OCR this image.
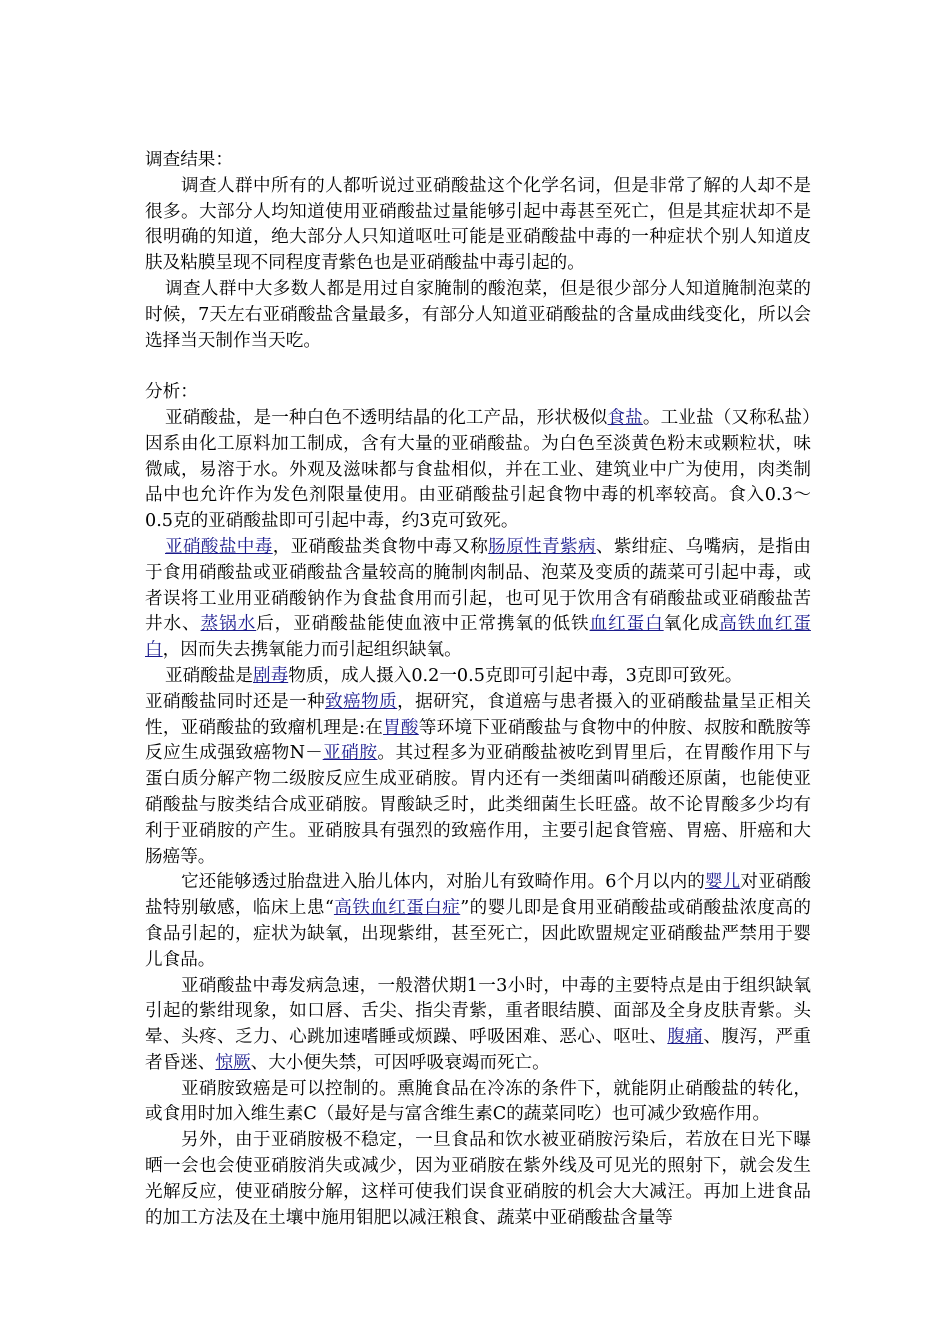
调查结果：

调查人群中所有的人都听说过亚硝酸盐这个化学名词，但是非常了解的人却不是很多。大部分人均知道使用亚硝酸盐过量能够引起中毒甚至死亡，但是其症状却不是很明确的知道，绝大部分人只知道呕吐可能是亚硝酸盐中毒的一种症状个别人知道皮肤及粘膜呈现不同程度青紫色也是亚硝酸盐中毒引起的。

调查人群中大多数人都是用过自家腌制的酸泡菜，但是很少部分人知道腌制泡菜的时候，7天左右亚硝酸盐含量最多，有部分人知道亚硝酸盐的含量成曲线变化，所以会选择当天制作当天吃。

分析：

亚硝酸盐，是一种白色不透明结晶的化工产品，形状极似食盐。工业盐（又称私盐）因系由化工原料加工制成，含有大量的亚硝酸盐。为白色至淡黄色粉末或颗粒状，味微咸，易溶于水。外观及滋味都与食盐相似，并在工业、建筑业中广为使用，肉类制品中也允许作为发色剂限量使用。由亚硝酸盐引起食物中毒的机率较高。食入0.3～0.5克的亚硝酸盐即可引起中毒，约3克可致死。

亚硝酸盐中毒，亚硝酸盐类食物中毒又称肠原性青紫病、紫绀症、乌嘴病，是指由于食用硝酸盐或亚硝酸盐含量较高的腌制肉制品、泡菜及变质的蔬菜可引起中毒，或者误将工业用亚硝酸钠作为食盐食用而引起，也可见于饮用含有硝酸盐或亚硝酸盐苦井水、蒸锅水后，亚硝酸盐能使血液中正常携氧的低铁血红蛋白氧化成高铁血红蛋白，因而失去携氧能力而引起组织缺氧。

亚硝酸盐是剧毒物质，成人摄入0.2一0.5克即可引起中毒，3克即可致死。

亚硝酸盐同时还是一种致癌物质，据研究，食道癌与患者摄入的亚硝酸盐量呈正相关性，亚硝酸盐的致瘤机理是:在胃酸等环境下亚硝酸盐与食物中的仲胺、叔胺和酰胺等反应生成强致癌物N－亚硝胺。其过程多为亚硝酸盐被吃到胃里后，在胃酸作用下与蛋白质分解产物二级胺反应生成亚硝胺。胃内还有一类细菌叫硝酸还原菌，也能使亚硝酸盐与胺类结合成亚硝胺。胃酸缺乏时，此类细菌生长旺盛。故不论胃酸多少均有利于亚硝胺的产生。亚硝胺具有强烈的致癌作用，主要引起食管癌、胃癌、肝癌和大肠癌等。

它还能够透过胎盘进入胎儿体内，对胎儿有致畸作用。6个月以内的婴儿对亚硝酸盐特别敏感，临床上患“高铁血红蛋白症”的婴儿即是食用亚硝酸盐或硝酸盐浓度高的食品引起的，症状为缺氧，出现紫绀，甚至死亡，因此欧盟规定亚硝酸盐严禁用于婴儿食品。

亚硝酸盐中毒发病急速，一般潜伏期1一3小时，中毒的主要特点是由于组织缺氧引起的紫绀现象，如口唇、舌尖、指尖青紫，重者眼结膜、面部及全身皮肤青紫。头晕、头疼、乏力、心跳加速嗜睡或烦躁、呼吸困难、恶心、呕吐、腹痛、腹泻，严重者昏迷、惊厥、大小便失禁，可因呼吸衰竭而死亡。

亚硝胺致癌是可以控制的。熏腌食品在冷冻的条件下，就能阴止硝酸盐的转化，或食用时加入维生素C（最好是与富含维生素C的蔬菜同吃）也可减少致癌作用。

另外，由于亚硝胺极不稳定，一旦食品和饮水被亚硝胺污染后，若放在日光下曝晒一会也会使亚硝胺消失或减少，因为亚硝胺在紫外线及可见光的照射下，就会发生光解反应，使亚硝胺分解，这样可使我们误食亚硝胺的机会大大减汪。再加上进食品的加工方法及在土壤中施用钼肥以减汪粮食、蔬菜中亚硝酸盐含量等
